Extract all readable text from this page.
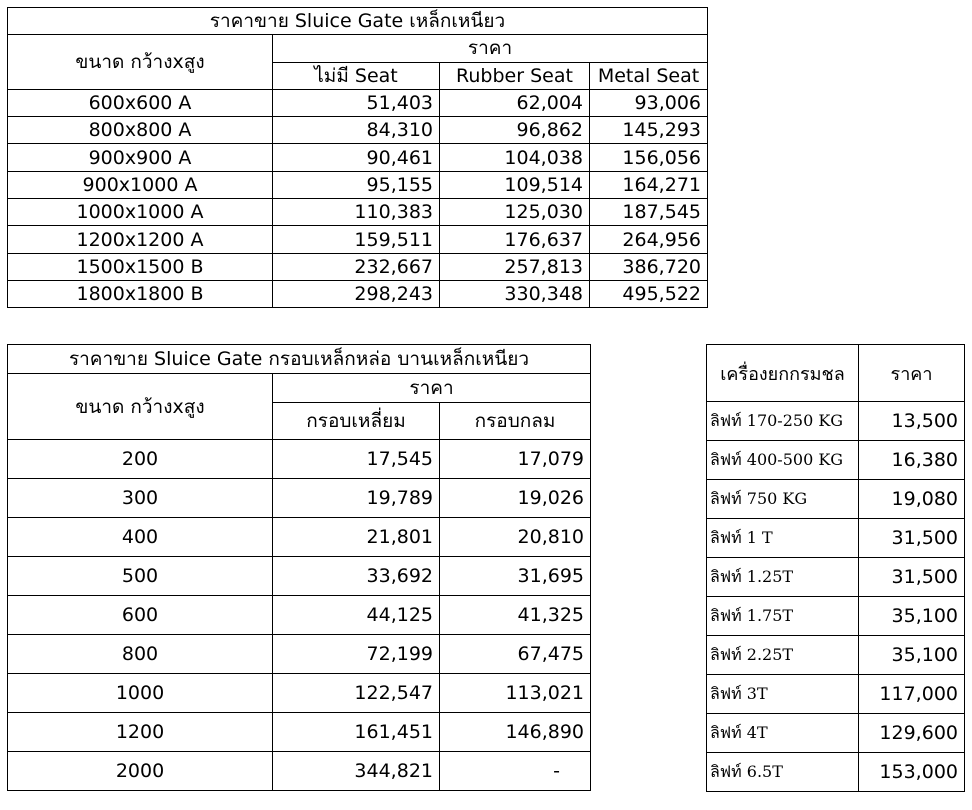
ราคาขาย Sluice Gate เหล็กเหนียว			
ขนาด กว้างxสูง	ราคา		
	ไม่มี Seat	Rubber Seat	Metal Seat
600x600 A	51,403	62,004	93,006
800x800 A	84,310	96,862	145,293
900x900 A	90,461	104,038	156,056
900x1000 A	95,155	109,514	164,271
1000x1000 A	110,383	125,030	187,545
1200x1200 A	159,511	176,637	264,956
1500x1500 B	232,667	257,813	386,720
1800x1800 B	298,243	330,348	495,522
ราคาขาย Sluice Gate กรอบเหล็กหล่อ บานเหล็กเหนียว		
ขนาด กว้างxสูง	ราคา	
	กรอบเหลี่ยม	กรอบกลม
200	17,545	17,079
300	19,789	19,026
400	21,801	20,810
500	33,692	31,695
600	44,125	41,325
800	72,199	67,475
1000	122,547	113,021
1200	161,451	146,890
2000	344,821	-
เครื่องยกกรมชล	ราคา
ลิฟท์ 170-250 KG	13,500
ลิฟท์ 400-500 KG	16,380
ลิฟท์ 750 KG	19,080
ลิฟท์ 1 T	31,500
ลิฟท์ 1.25T	31,500
ลิฟท์ 1.75T	35,100
ลิฟท์ 2.25T	35,100
ลิฟท์ 3T	117,000
ลิฟท์ 4T	129,600
ลิฟท์ 6.5T	153,000
